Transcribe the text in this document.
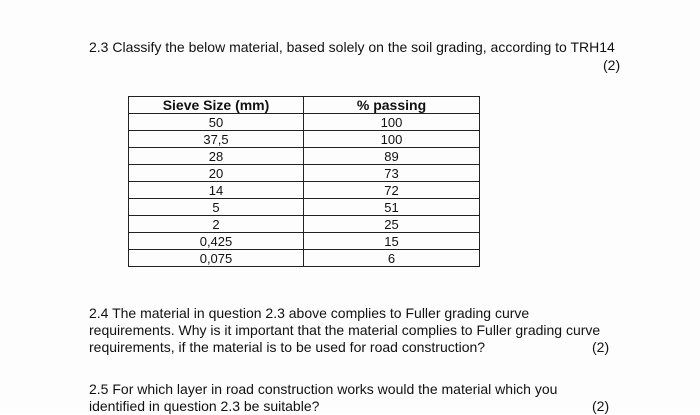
2.3 Classify the below material, based solely on the soil grading, according to TRH14
(2)
Sieve Size (mm)	% passing
50	100
37,5	100
28	89
20	73
14	72
5	51
2	25
0,425	15
0,075	6
2.4 The material in question 2.3 above complies to Fuller grading curve requirements. Why is it important that the material complies to Fuller grading curve requirements, if the material is to be used for road construction?	(2)
2.5 For which layer in road construction works would the material which you identified in question 2.3 be suitable?	(2)
